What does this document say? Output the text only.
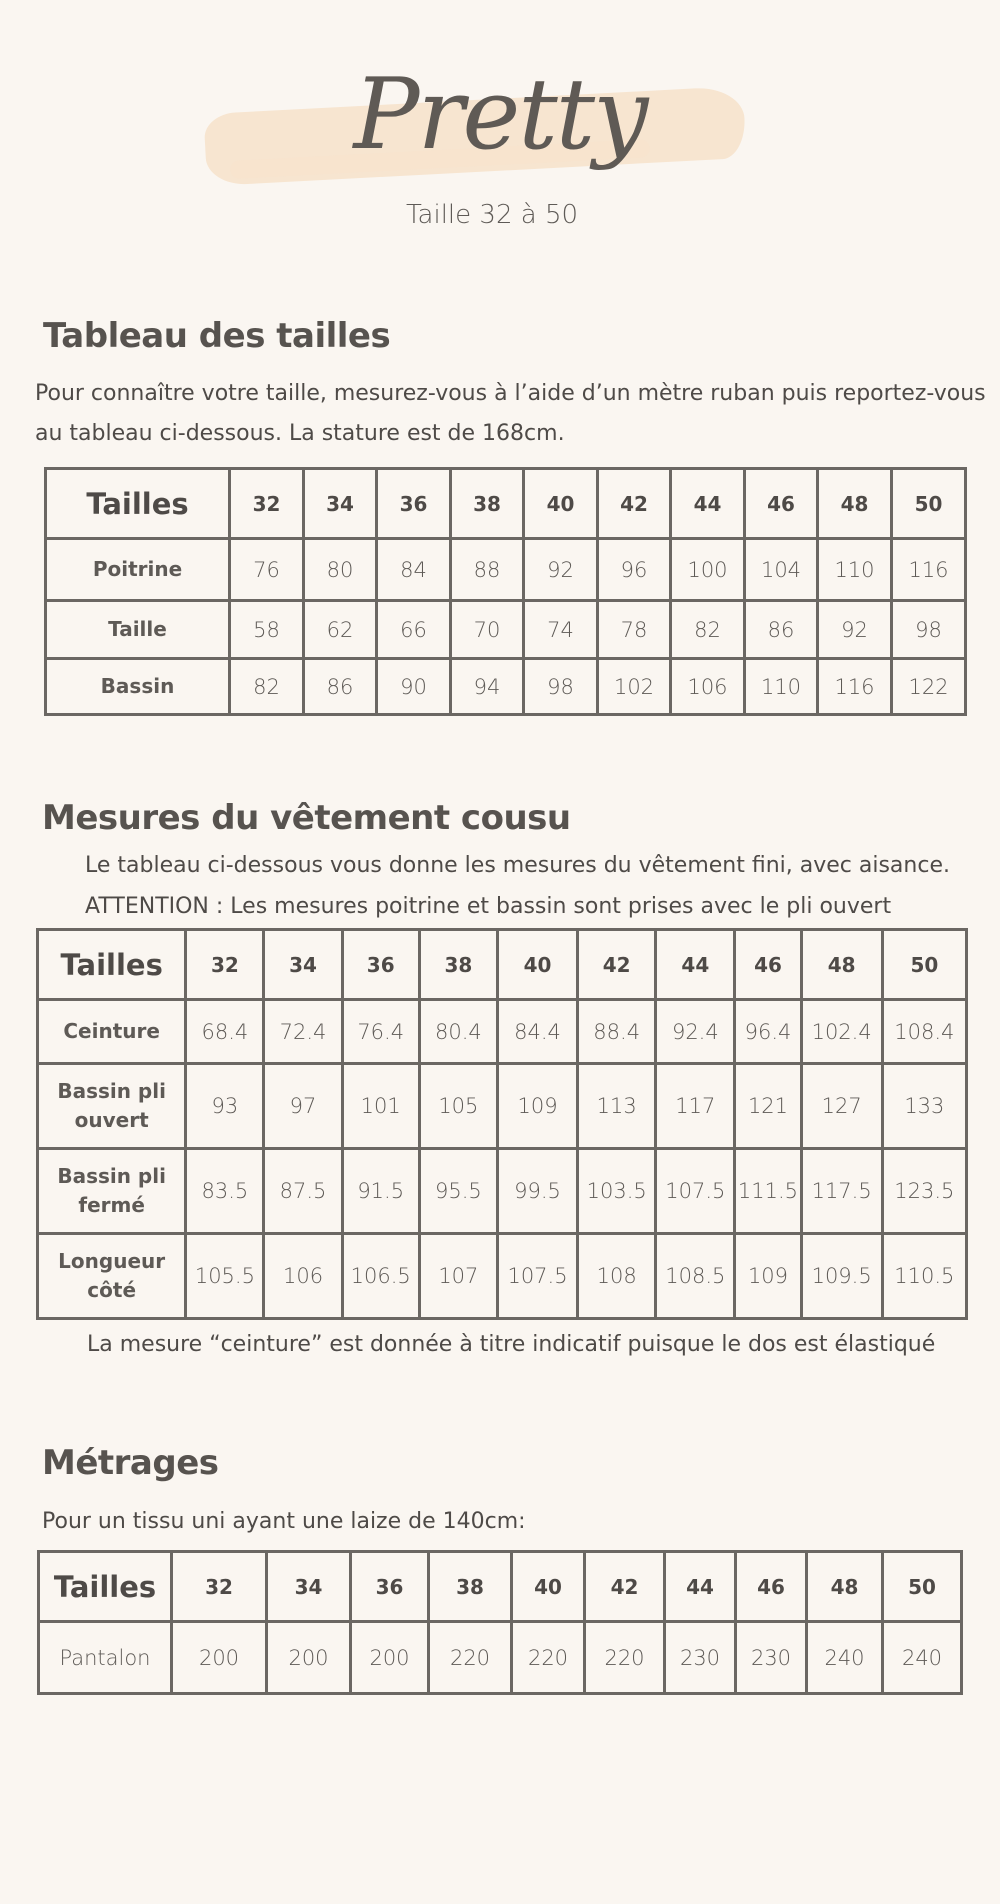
Pretty
Taille 32 à 50
Tableau des tailles
Pour connaître votre taille, mesurez-vous à l’aide d’un mètre ruban puis reportez-vous
au tableau ci-dessous. La stature est de 168cm.
Tailles	32	34	36	38	40	42	44	46	48	50
Poitrine	76	80	84	88	92	96	100	104	110	116
Taille	58	62	66	70	74	78	82	86	92	98
Bassin	82	86	90	94	98	102	106	110	116	122
Mesures du vêtement cousu
Le tableau ci-dessous vous donne les mesures du vêtement fini, avec aisance.
ATTENTION : Les mesures poitrine et bassin sont prises avec le pli ouvert
Tailles	32	34	36	38	40	42	44	46	48	50
Ceinture	68.4	72.4	76.4	80.4	84.4	88.4	92.4	96.4	102.4	108.4
Bassin pli
ouvert	93	97	101	105	109	113	117	121	127	133
Bassin pli
fermé	83.5	87.5	91.5	95.5	99.5	103.5	107.5	111.5	117.5	123.5
Longueur
côté	105.5	106	106.5	107	107.5	108	108.5	109	109.5	110.5
La mesure “ceinture” est donnée à titre indicatif puisque le dos est élastiqué
Métrages
Pour un tissu uni ayant une laize de 140cm:
Tailles	32	34	36	38	40	42	44	46	48	50
Pantalon	200	200	200	220	220	220	230	230	240	240
